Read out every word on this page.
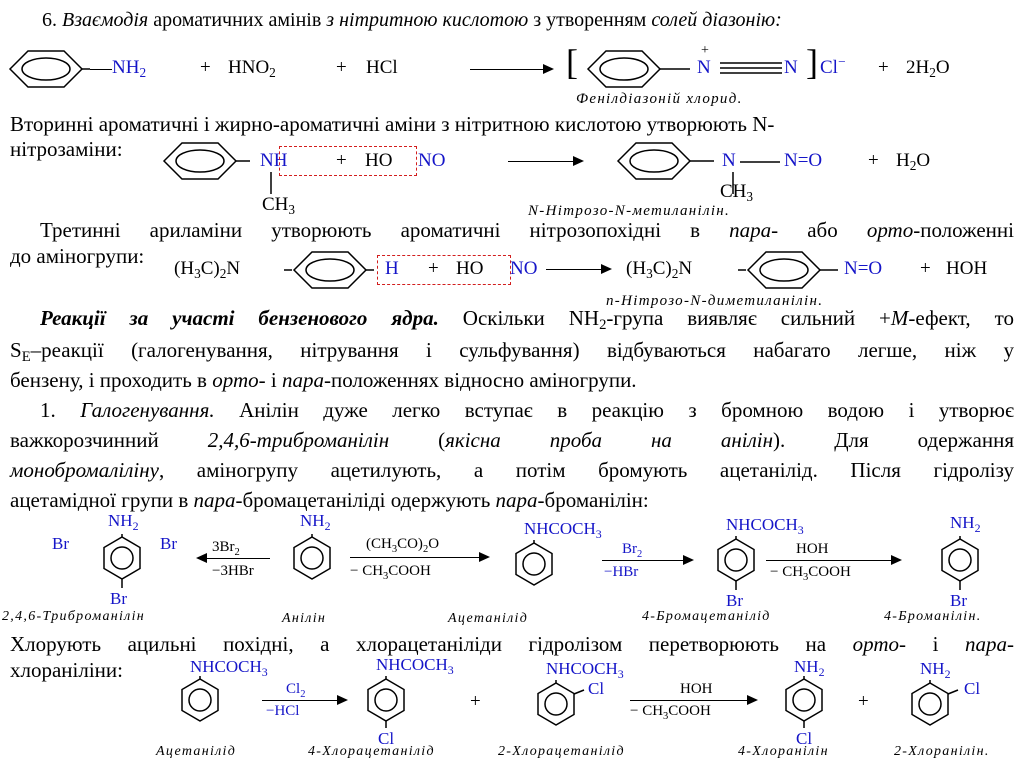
6. Взаємодія ароматичних амінів з нітритною кислотою з утворенням солей діазонію:
$NH_2$	+ $HNO_2$	+ HCl	[	+
N	N ] $Cl^- + 2H_2O$
Фенілдіазоній хлорид.
Вторинні ароматичні і жирно-ароматичні аміни з нітритною кислотою утворюють N-
нітрозаміни:	NH
$CH_3$
+ HO NO	N	N=O
$CH_3$
+ $H_2O$
N-Нітрозо-N-метиланілін.
Третинні ариламіни утворюють ароматичні нітрозопохідні в пара- або орто-положенні
до аміногрупи:
$(H_3C)_2N$	H + HO NO → $(H_3C)_2N$	N=O + HOH
n-Нітрозо-N-диметиланілін.
Реакції за участі бензенового ядра. Оскільки $NH_2$-група виявляє сильний +М-ефект, то
$S_E$–реакції (галогенування, нітрування і сульфування) відбуваються набагато легше, ніж у
бензену, і проходить в орто- і пара-положеннях відносно аміногрупи.
1. Галогенування. Анілін дуже легко вступає в реакцію з бромною водою і утворює
важкорозчинний 2,4,6-триброманілін (якісна проба на анілін). Для одержання
монобромаліліну, аміногрупу ацетилують, а потім бромують ацетанілід. Після гідролізу
ацетамідної групи в пара-бромацетаніліді одержують пара-броманілін:
$NH_2$
Br	Br
Br
$3Br_2$
−3HBr
$NH_2$
$(CH_3CO)_2O$
− $CH_3COOH$
$NHCOCH_3$
$Br_2$
−HBr
$NHCOCH_3$
Br
HOH
− $CH_3COOH$
$NH_2$
Br
2,4,6-Триброманілін	Анілін	Ацетанілід	4-Бромацетанілід	4-Броманілін.
Хлорують ацильні похідні, а хлорацетаніліди гідролізом перетворюють на орто- і пара-
хлораніліни:	$NHCOCH_3$
$Cl_2$
−HCl
$NHCOCH_3$
Cl
+
$NHCOCH_3$
Cl	HOH
− $CH_3COOH$
$NH_2$
Cl
+
$NH_2$
Cl
Ацетанілід	4-Хлорацетанілід	2-Хлорацетанілід	4-Хлоранілін	2-Хлоранілін.
